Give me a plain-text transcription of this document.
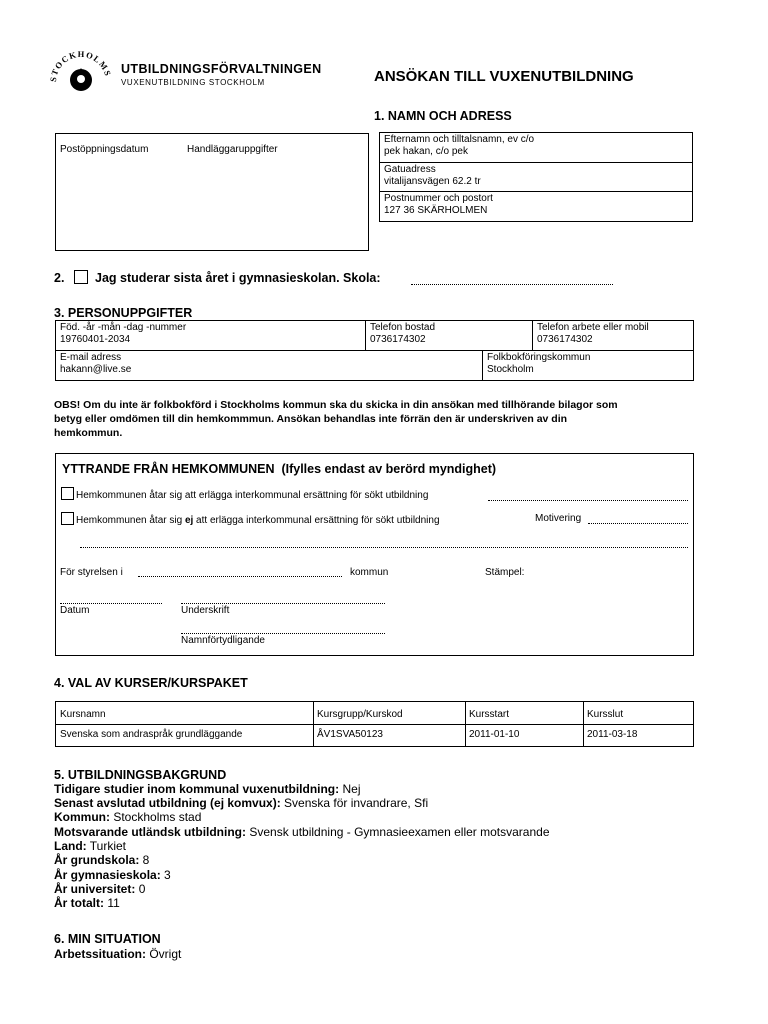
STOCKHOLMS UTBILDNINGSFÖRVALTNINGEN
VUXENUTBILDNING STOCKHOLM	ANSÖKAN TILL VUXENUTBILDNING
1. NAMN OCH ADRESS
Postöppningsdatum	Handläggaruppgifter
Efternamn och tilltalsnamn, ev c/o
pek hakan, c/o pek
Gatuadress
vitalijansvägen 62.2 tr
Postnummer och postort
127 36 SKÄRHOLMEN
2. Jag studerar sista året i gymnasieskolan. Skola:
3. PERSONUPPGIFTER
Föd. -år -mån -dag -nummer
19760401-2034
Telefon bostad
0736174302
Telefon arbete eller mobil
0736174302
E-mail adress
hakann@live.se
Folkbokföringskommun
Stockholm
OBS! Om du inte är folkbokförd i Stockholms kommun ska du skicka in din ansökan med tillhörande bilagor som
betyg eller omdömen till din hemkommmun. Ansökan behandlas inte förrän den är underskriven av din
hemkommun.
YTTRANDE FRÅN HEMKOMMUNEN (Ifylles endast av berörd myndighet)
Hemkommunen åtar sig att erlägga interkommunal ersättning för sökt utbildning
Hemkommunen åtar sig ej att erlägga interkommunal ersättning för sökt utbildning	Motivering
För styrelsen i	kommun	Stämpel:
Datum	Underskrift
Namnförtydligande
4. VAL AV KURSER/KURSPAKET
Kursnamn	Kursgrupp/Kurskod	Kursstart	Kursslut
Svenska som andraspråk grundläggande	ÅV1SVA50123	2011-01-10	2011-03-18
5. UTBILDNINGSBAKGRUND
Tidigare studier inom kommunal vuxenutbildning: Nej
Senast avslutad utbildning (ej komvux): Svenska för invandrare, Sfi
Kommun: Stockholms stad
Motsvarande utländsk utbildning: Svensk utbildning - Gymnasieexamen eller motsvarande
Land: Turkiet
År grundskola: 8
År gymnasieskola: 3
År universitet: 0
År totalt: 11
6. MIN SITUATION
Arbetssituation: Övrigt
